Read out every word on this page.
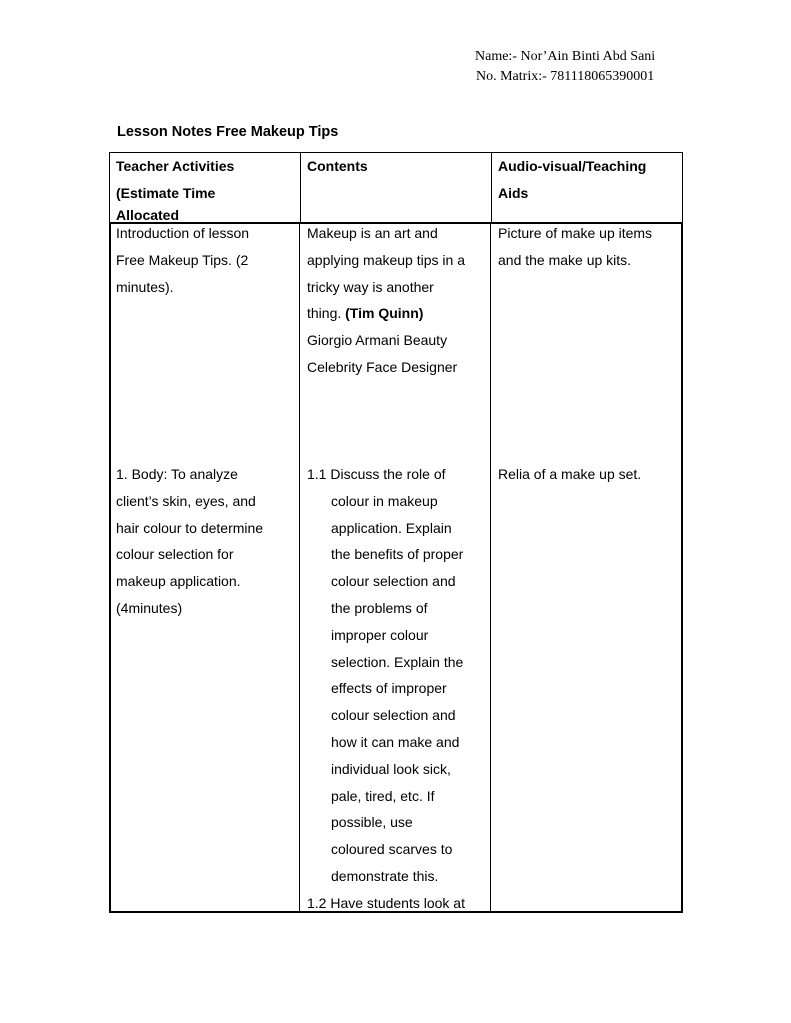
Name:- Nor’Ain Binti Abd Sani
No. Matrix:- 781118065390001
Lesson Notes Free Makeup Tips
Teacher Activities
(Estimate Time
Allocated
Contents	Audio-visual/Teaching
Aids
Introduction of lesson
Free Makeup Tips. (2
minutes).
Makeup is an art and
applying makeup tips in a
tricky way is another
thing. (Tim Quinn)
Giorgio Armani Beauty
Celebrity Face Designer
Picture of make up items
and the make up kits.
1. Body: To analyze
client’s skin, eyes, and
hair colour to determine
colour selection for
makeup application.
(4minutes)
1.1 Discuss the role of
colour in makeup
application. Explain
the benefits of proper
colour selection and
the problems of
improper colour
selection. Explain the
effects of improper
colour selection and
how it can make and
individual look sick,
pale, tired, etc. If
possible, use
coloured scarves to
demonstrate this.
1.2 Have students look at
Relia of a make up set.
